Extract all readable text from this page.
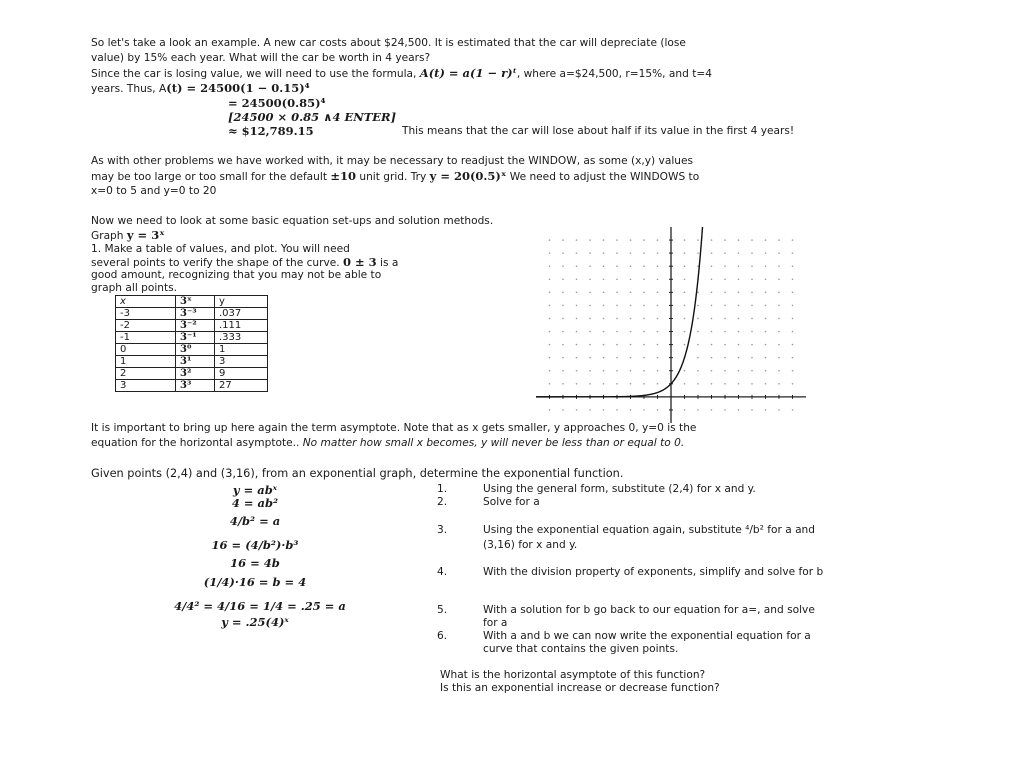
So let's take a look an example. A new car costs about $24,500. It is estimated that the car will depreciate (lose
value) by 15% each year. What will the car be worth in 4 years?
Since the car is losing value, we will need to use the formula, A(t) = a(1 − r)ᵗ, where a=$24,500, r=15%, and t=4
years. Thus, A(t) = 24500(1 − 0.15)⁴
= 24500(0.85)⁴
[24500 × 0.85 ∧4 ENTER]
≈ $12,789.15	This means that the car will lose about half if its value in the first 4 years!
As with other problems we have worked with, it may be necessary to readjust the WINDOW, as some (x,y) values
may be too large or too small for the default ±10 unit grid. Try y = 20(0.5)ˣ We need to adjust the WINDOWS to
x=0 to 5 and y=0 to 20
Now we need to look at some basic equation set-ups and solution methods.
Graph y = 3ˣ
1. Make a table of values, and plot. You will need
several points to verify the shape of the curve. 0 ± 3 is a
good amount, recognizing that you may not be able to
graph all points.
x	3ˣ	y
-3	3⁻³	.037
-2	3⁻²	.111
-1	3⁻¹	.333
0	3⁰	1
1	3¹	3
2	3²	9
3	3³	27
It is important to bring up here again the term asymptote. Note that as x gets smaller, y approaches 0, y=0 is the
equation for the horizontal asymptote.. No matter how small x becomes, y will never be less than or equal to 0.
Given points (2,4) and (3,16), from an exponential graph, determine the exponential function.
y = abˣ
4 = ab²
4/b² = a
16 = (4/b²)·b³
16 = 4b
(1/4)·16 = b = 4
4/4² = 4/16 = 1/4 = .25 = a
y = .25(4)ˣ
1.	Using the general form, substitute (2,4) for x and y.
2.	Solve for a
3.	Using the exponential equation again, substitute ⁴/b² for a and
(3,16) for x and y.
4.	With the division property of exponents, simplify and solve for b
5.	With a solution for b go back to our equation for a=, and solve
for a
6.	With a and b we can now write the exponential equation for a
curve that contains the given points.
What is the horizontal asymptote of this function?
Is this an exponential increase or decrease function?
